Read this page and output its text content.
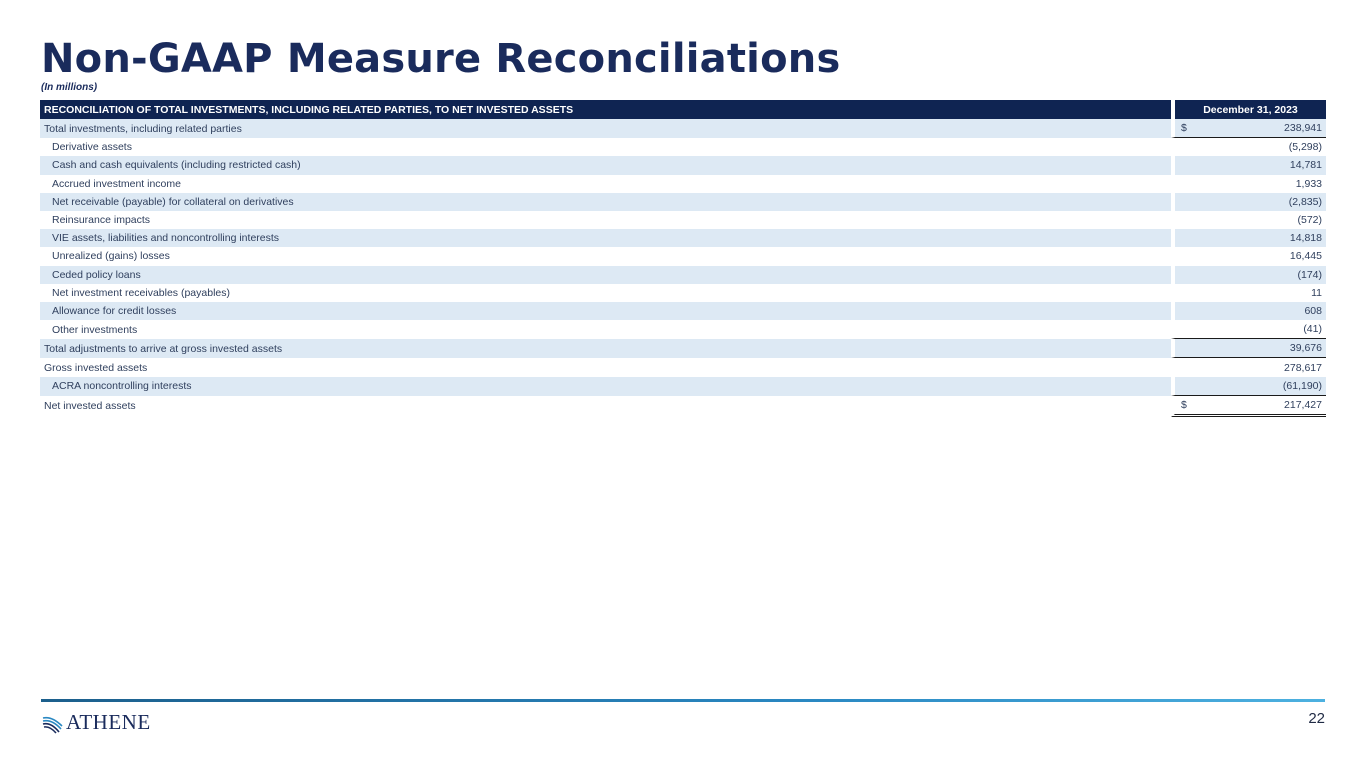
Non-GAAP Measure Reconciliations
(In millions)
RECONCILIATION OF TOTAL INVESTMENTS, INCLUDING RELATED PARTIES, TO NET INVESTED ASSETS	December 31, 2023
Total investments, including related parties	$ 238,941
Derivative assets	(5,298)
Cash and cash equivalents (including restricted cash)	14,781
Accrued investment income	1,933
Net receivable (payable) for collateral on derivatives	(2,835)
Reinsurance impacts	(572)
VIE assets, liabilities and noncontrolling interests	14,818
Unrealized (gains) losses	16,445
Ceded policy loans	(174)
Net investment receivables (payables)	11
Allowance for credit losses	608
Other investments	(41)
Total adjustments to arrive at gross invested assets	39,676
Gross invested assets	278,617
ACRA noncontrolling interests	(61,190)
Net invested assets	$ 217,427
ATHENE	22
